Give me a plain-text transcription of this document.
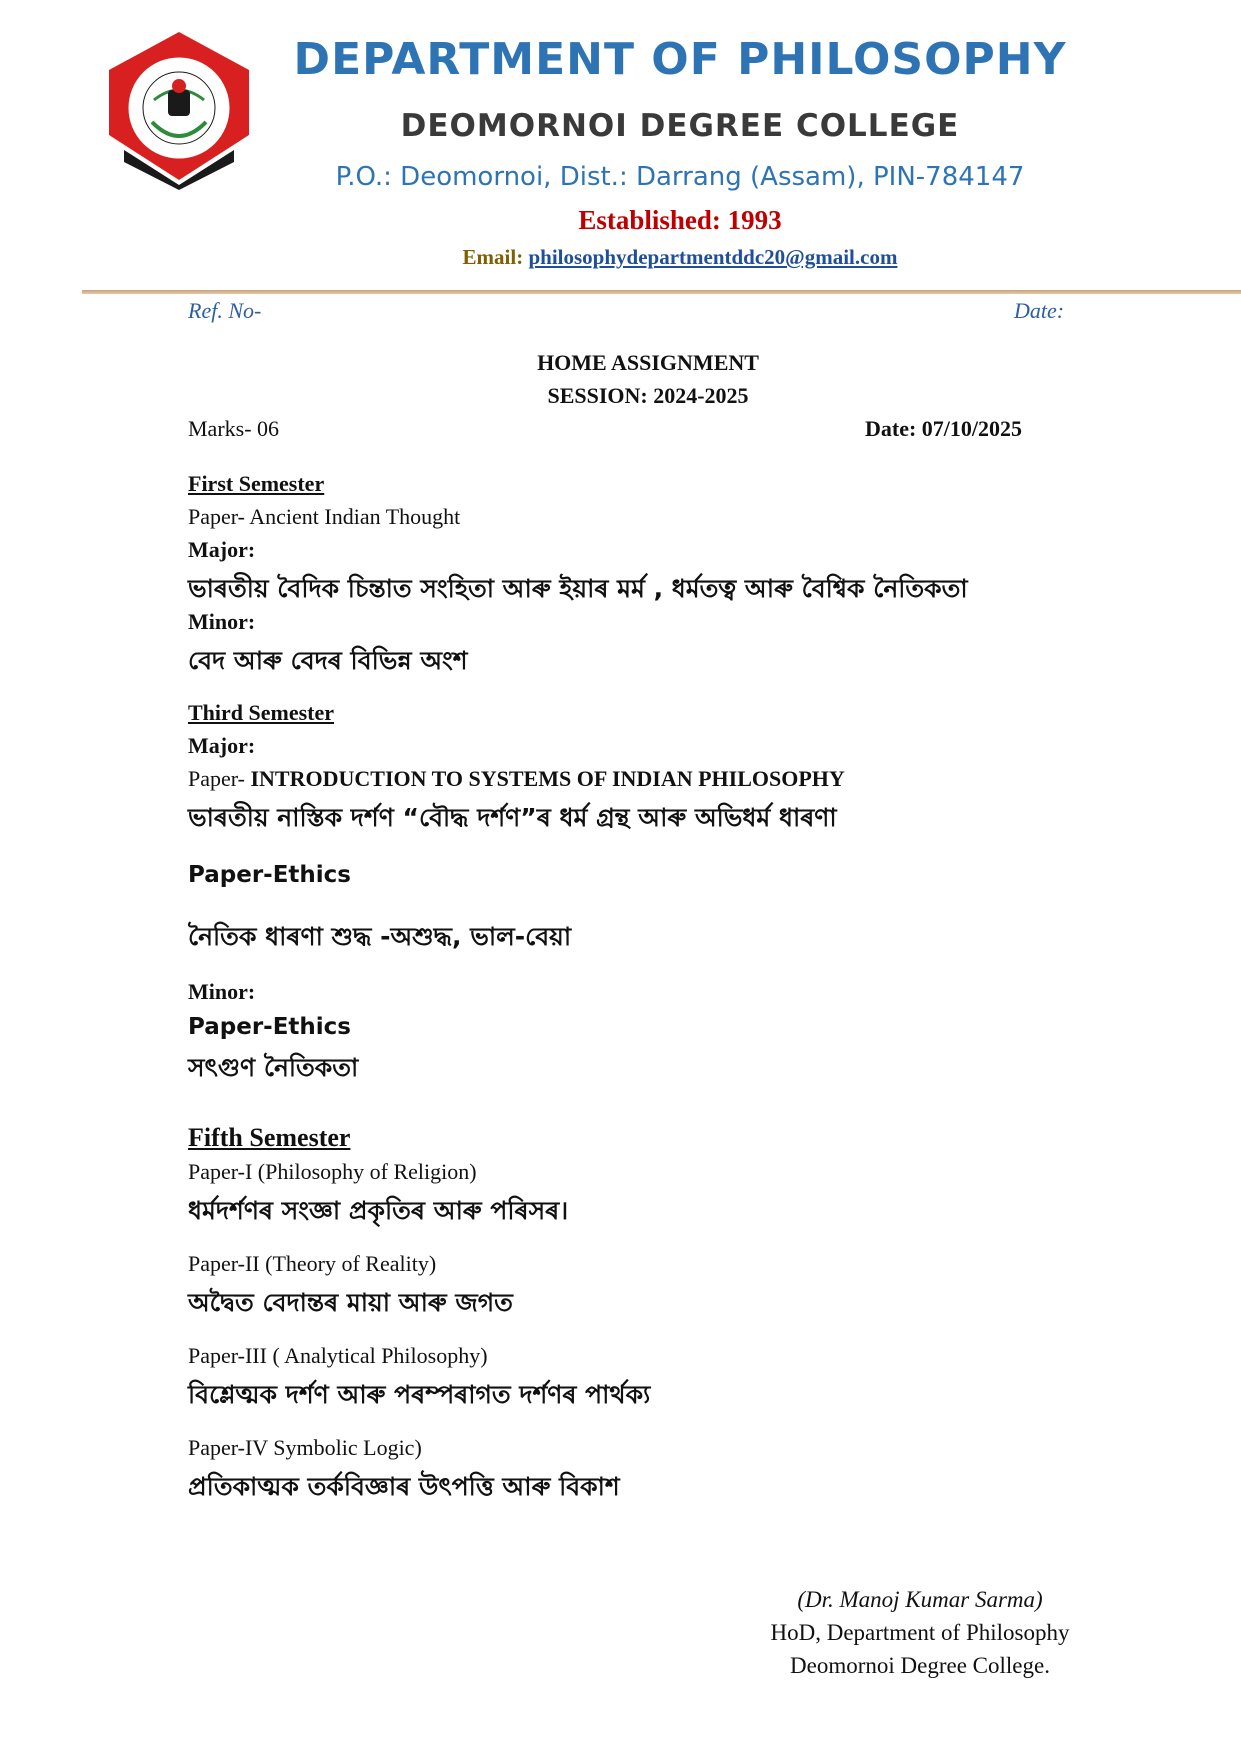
DEPARTMENT OF PHILOSOPHY
DEOMORNOI DEGREE COLLEGE
P.O.: Deomornoi, Dist.: Darrang (Assam), PIN-784147
Established: 1993
Email: philosophydepartmentddc20@gmail.com
Ref. No-	Date:
HOME ASSIGNMENT
SESSION: 2024-2025
Marks- 06	Date: 07/10/2025
First Semester
Paper- Ancient Indian Thought
Major:
ভাৰতীয় বৈদিক চিন্তাত সংহিতা আৰু ইয়াৰ মৰ্ম , ধৰ্মতত্ব আৰু বৈশ্বিক নৈতিকতা
Minor:
বেদ আৰু বেদৰ বিভিন্ন অংশ
Third Semester
Major:
Paper- INTRODUCTION TO SYSTEMS OF INDIAN PHILOSOPHY
ভাৰতীয় নাস্তিক দৰ্শণ “বৌদ্ধ দৰ্শণ”ৰ ধৰ্ম গ্ৰন্থ আৰু অভিধৰ্ম ধাৰণা
Paper-Ethics
নৈতিক ধাৰণা শুদ্ধ -অশুদ্ধ, ভাল-বেয়া
Minor:
Paper-Ethics
সৎগুণ নৈতিকতা
Fifth Semester
Paper-I (Philosophy of Religion)
ধৰ্মদৰ্শণৰ সংজ্ঞা প্ৰকৃতিৰ আৰু পৰিসৰ।
Paper-II (Theory of Reality)
অদ্বৈত বেদান্তৰ মায়া আৰু জগত
Paper-III ( Analytical Philosophy)
বিশ্লেত্মক দৰ্শণ আৰু পৰম্পৰাগত দৰ্শণৰ পাৰ্থক্য
Paper-IV Symbolic Logic)
প্ৰতিকাত্মক তৰ্কবিজ্ঞাৰ উৎপত্তি আৰু বিকাশ
(Dr. Manoj Kumar Sarma)
HoD, Department of Philosophy
Deomornoi Degree College.
